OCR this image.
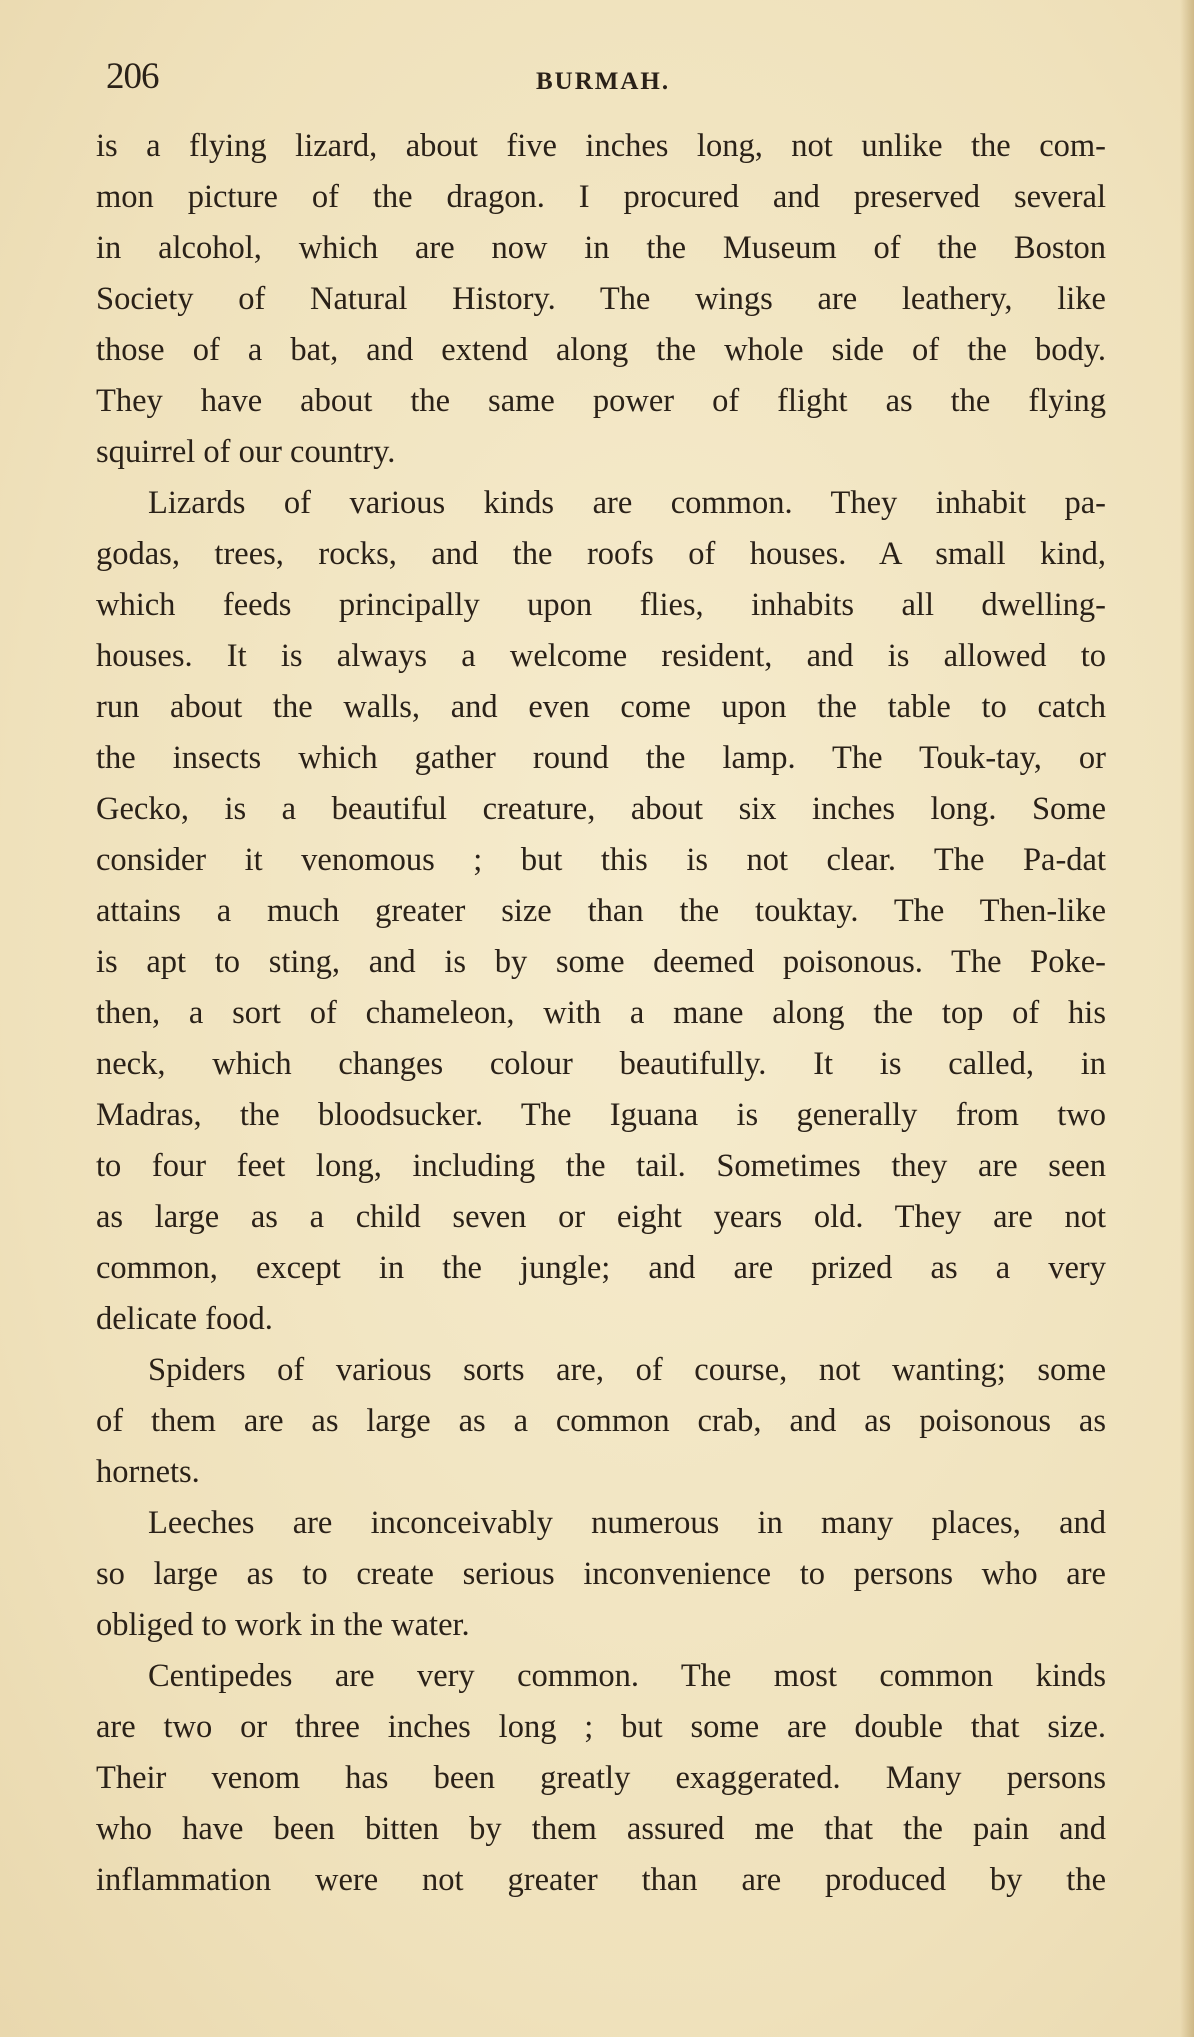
206	BURMAH.
is a flying lizard, about five inches long, not unlike the com-
mon picture of the dragon. I procured and preserved several
in alcohol, which are now in the Museum of the Boston
Society of Natural History. The wings are leathery, like
those of a bat, and extend along the whole side of the body.
They have about the same power of flight as the flying
squirrel of our country.
Lizards of various kinds are common. They inhabit pa-
godas, trees, rocks, and the roofs of houses. A small kind,
which feeds principally upon flies, inhabits all dwelling-
houses. It is always a welcome resident, and is allowed to
run about the walls, and even come upon the table to catch
the insects which gather round the lamp. The Touk-tay, or
Gecko, is a beautiful creature, about six inches long. Some
consider it venomous ; but this is not clear. The Pa-dat
attains a much greater size than the touktay. The Then-like
is apt to sting, and is by some deemed poisonous. The Poke-
then, a sort of chameleon, with a mane along the top of his
neck, which changes colour beautifully. It is called, in
Madras, the bloodsucker. The Iguana is generally from two
to four feet long, including the tail. Sometimes they are seen
as large as a child seven or eight years old. They are not
common, except in the jungle; and are prized as a very
delicate food.
Spiders of various sorts are, of course, not wanting; some
of them are as large as a common crab, and as poisonous as
hornets.
Leeches are inconceivably numerous in many places, and
so large as to create serious inconvenience to persons who are
obliged to work in the water.
Centipedes are very common. The most common kinds
are two or three inches long ; but some are double that size.
Their venom has been greatly exaggerated. Many persons
who have been bitten by them assured me that the pain and
inflammation were not greater than are produced by the
